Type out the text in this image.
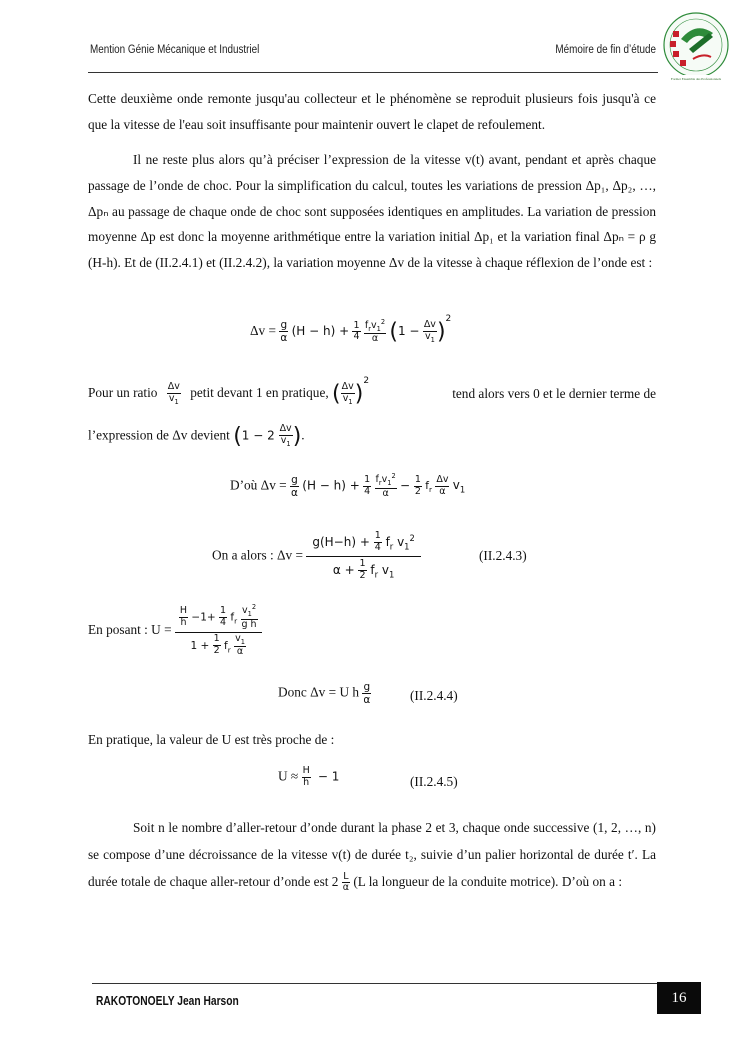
Mention Génie Mécanique et Industriel	Mémoire de fin d’étude
Former Ensemble des Professionnels
Cette deuxième onde remonte jusqu'au collecteur et le phénomène se reproduit plusieurs fois jusqu'à ce que la vitesse de l'eau soit insuffisante pour maintenir ouvert le clapet de refoulement.
Il ne reste plus alors qu’à préciser l’expression de la vitesse v(t) avant, pendant et après chaque passage de l’onde de choc. Pour la simplification du calcul, toutes les variations de pression Δp₁, Δp₂, …, Δpₙ au passage de chaque onde de choc sont supposées identiques en amplitudes. La variation de pression moyenne Δp est donc la moyenne arithmétique entre la variation initial Δp₁ et la variation final Δpₙ = ρ g (H-h). Et de (II.2.4.1) et (II.2.4.2), la variation moyenne Δv de la vitesse à chaque réflexion de l’onde est :
$\Delta v = \frac{g}{\alpha} (H - h) + \frac{1}{4}$
$\frac{f_rv_1^2}{\alpha} (1 - \frac{\Delta v}{v_1} )^2$
Pour un ratio $\frac{\Delta v}{v_1}$ petit devant 1 en pratique, ( $\frac{\Delta v}{v_1} )^2$
tend alors vers 0 et le dernier terme de
l’expression de Δv devient ($1 - 2 \frac{\Delta v}{v_1}$ ).
D’où $\Delta v = \frac{g}{\alpha} (H - h) + \frac{1}{4}$
$\frac{f_rv_1^2}{\alpha} - \frac{1}{2} f_r \frac{\Delta v}{\alpha} v_1$
On a alors : $\Delta v = \frac{g(H-h) + \frac{1}{4} f_r v_1^2}{\alpha + \frac{1}{2} f_r v_1}$	(II.2.4.3)
En posant : $U = \frac{\frac{H}{h} -1+ \frac{1}{4} f_r \frac{v_1^2}{\text{g h}}}{1 + \frac{1}{2} f_r \frac{v_1}{\alpha}}$
Donc Δv = U h $\frac{g}{\alpha}$	(II.2.4.4)
En pratique, la valeur de U est très proche de :
$U \approx \frac{H}{h} - 1$	(II.2.4.5)
Soit n le nombre d’aller-retour d’onde durant la phase 2 et 3, chaque onde successive (1, 2, …, n) se compose d’une décroissance de la vitesse v(t) de durée t₂, suivie d’un palier horizontal de durée t′. La durée totale de chaque aller-retour d’onde est $2 \frac{L}{\alpha} (L$ la longueur de la conduite motrice). D’où on a :
RAKOTONOELY Jean Harson	16
